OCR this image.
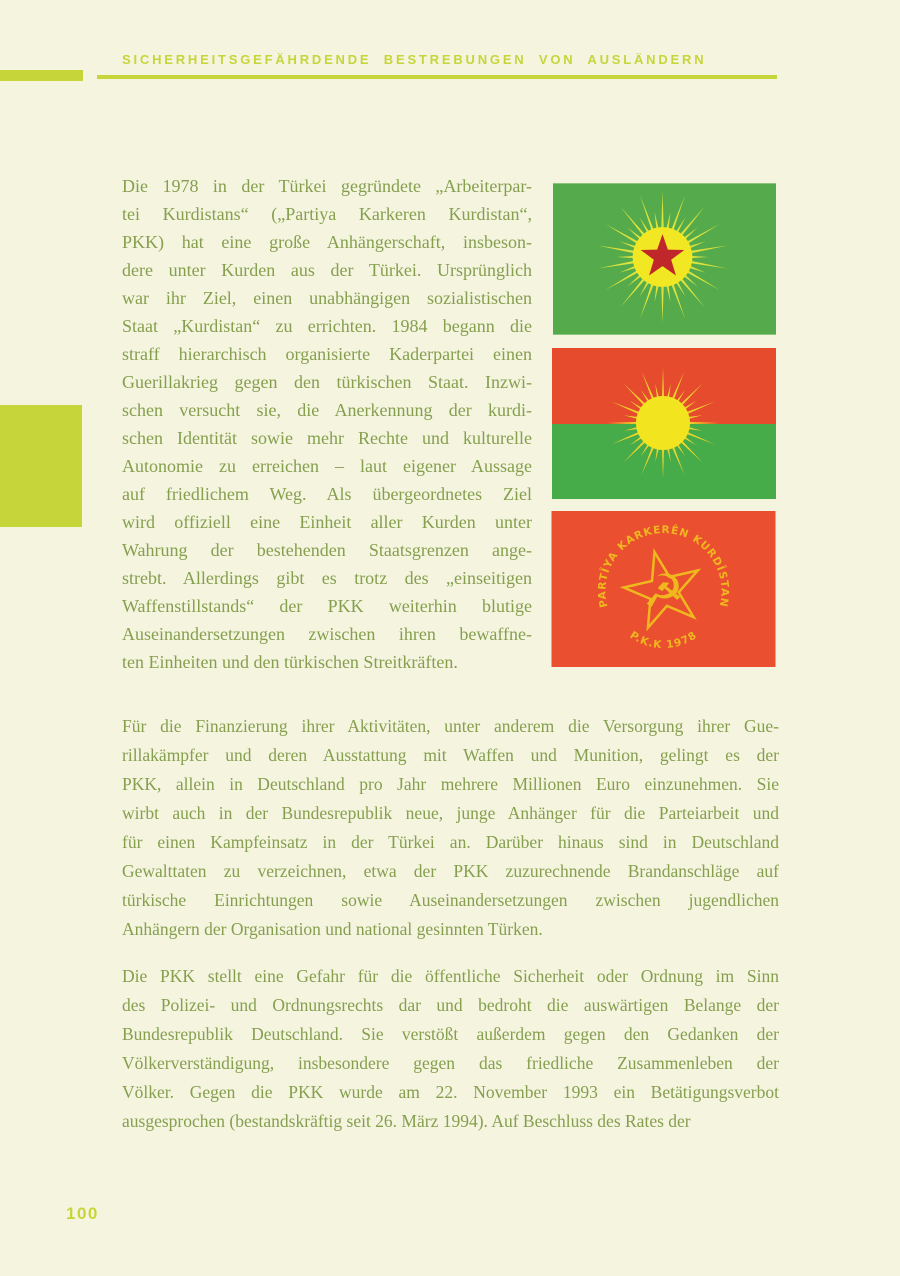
SICHERHEITSGEFÄHRDENDE BESTREBUNGEN VON AUSLÄNDERN
Die 1978 in der Türkei gegründete „Arbeiterpar-
tei Kurdistans“ („Partiya Karkeren Kurdistan“,
PKK) hat eine große Anhängerschaft, insbeson-
dere unter Kurden aus der Türkei. Ursprünglich
war ihr Ziel, einen unabhängigen sozialistischen
Staat „Kurdistan“ zu errichten. 1984 begann die
straff hierarchisch organisierte Kaderpartei einen
Guerillakrieg gegen den türkischen Staat. Inzwi-
schen versucht sie, die Anerkennung der kurdi-
schen Identität sowie mehr Rechte und kulturelle
Autonomie zu erreichen – laut eigener Aussage
auf friedlichem Weg. Als übergeordnetes Ziel
wird offiziell eine Einheit aller Kurden unter
Wahrung der bestehenden Staatsgrenzen ange-
strebt. Allerdings gibt es trotz des „einseitigen
Waffenstillstands“ der PKK weiterhin blutige
Auseinandersetzungen zwischen ihren bewaffne-
ten Einheiten und den türkischen Streitkräften.
☭
PARTÎYA KARKERÊN KURDÎSTAN
P.K.K 1978
Für die Finanzierung ihrer Aktivitäten, unter anderem die Versorgung ihrer Gue-
rillakämpfer und deren Ausstattung mit Waffen und Munition, gelingt es der
PKK, allein in Deutschland pro Jahr mehrere Millionen Euro einzunehmen. Sie
wirbt auch in der Bundesrepublik neue, junge Anhänger für die Parteiarbeit und
für einen Kampfeinsatz in der Türkei an. Darüber hinaus sind in Deutschland
Gewalttaten zu verzeichnen, etwa der PKK zuzurechnende Brandanschläge auf
türkische Einrichtungen sowie Auseinandersetzungen zwischen jugendlichen
Anhängern der Organisation und national gesinnten Türken.
Die PKK stellt eine Gefahr für die öffentliche Sicherheit oder Ordnung im Sinn
des Polizei- und Ordnungsrechts dar und bedroht die auswärtigen Belange der
Bundesrepublik Deutschland. Sie verstößt außerdem gegen den Gedanken der
Völkerverständigung, insbesondere gegen das friedliche Zusammenleben der
Völker. Gegen die PKK wurde am 22. November 1993 ein Betätigungsverbot
ausgesprochen (bestandskräftig seit 26. März 1994). Auf Beschluss des Rates der
100
